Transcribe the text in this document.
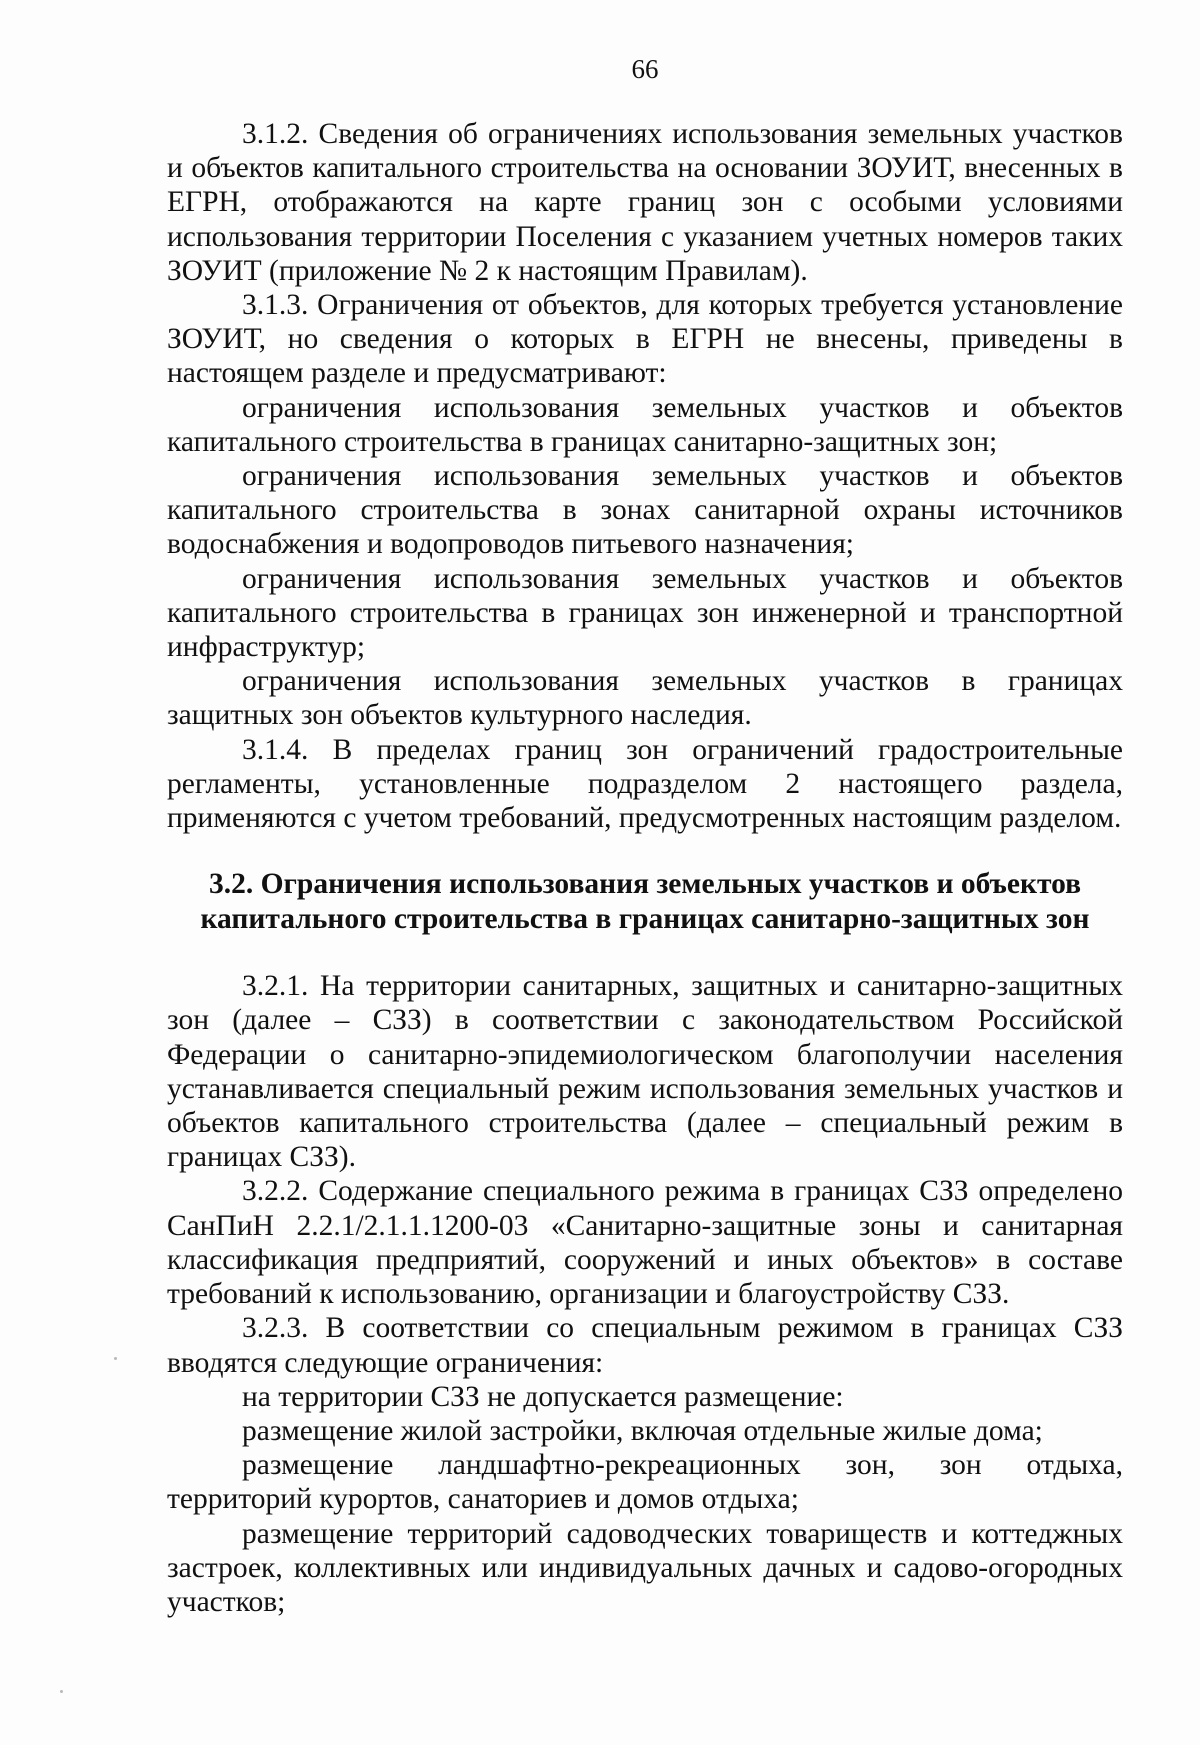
66

3.1.2. Сведения об ограничениях использования земельных участков и объектов капитального строительства на основании ЗОУИТ, внесенных в ЕГРН, отображаются на карте границ зон с особыми условиями использования территории Поселения с указанием учетных номеров таких ЗОУИТ (приложение № 2 к настоящим Правилам).

3.1.3. Ограничения от объектов, для которых требуется установление ЗОУИТ, но сведения о которых в ЕГРН не внесены, приведены в настоящем разделе и предусматривают:

ограничения использования земельных участков и объектов капитального строительства в границах санитарно-защитных зон;

ограничения использования земельных участков и объектов капитального строительства в зонах санитарной охраны источников водоснабжения и водопроводов питьевого назначения;

ограничения использования земельных участков и объектов капитального строительства в границах зон инженерной и транспортной инфраструктур;

ограничения использования земельных участков в границах защитных зон объектов культурного наследия.

3.1.4. В пределах границ зон ограничений градостроительные регламенты, установленные подразделом 2 настоящего раздела, применяются с учетом требований, предусмотренных настоящим разделом.

3.2. Ограничения использования земельных участков и объектов
капитального строительства в границах санитарно-защитных зон

3.2.1. На территории санитарных, защитных и санитарно-защитных зон (далее – СЗЗ) в соответствии с законодательством Российской Федерации о санитарно-эпидемиологическом благополучии населения устанавливается специальный режим использования земельных участков и объектов капитального строительства (далее – специальный режим в границах СЗЗ).

3.2.2. Содержание специального режима в границах СЗЗ определено СанПиН 2.2.1/2.1.1.1200-03 «Санитарно-защитные зоны и санитарная классификация предприятий, сооружений и иных объектов» в составе требований к использованию, организации и благоустройству СЗЗ.

3.2.3. В соответствии со специальным режимом в границах СЗЗ вводятся следующие ограничения:

на территории СЗЗ не допускается размещение:

размещение жилой застройки, включая отдельные жилые дома;

размещение ландшафтно-рекреационных зон, зон отдыха, территорий курортов, санаториев и домов отдыха;

размещение территорий садоводческих товариществ и коттеджных застроек, коллективных или индивидуальных дачных и садово-огородных участков;
